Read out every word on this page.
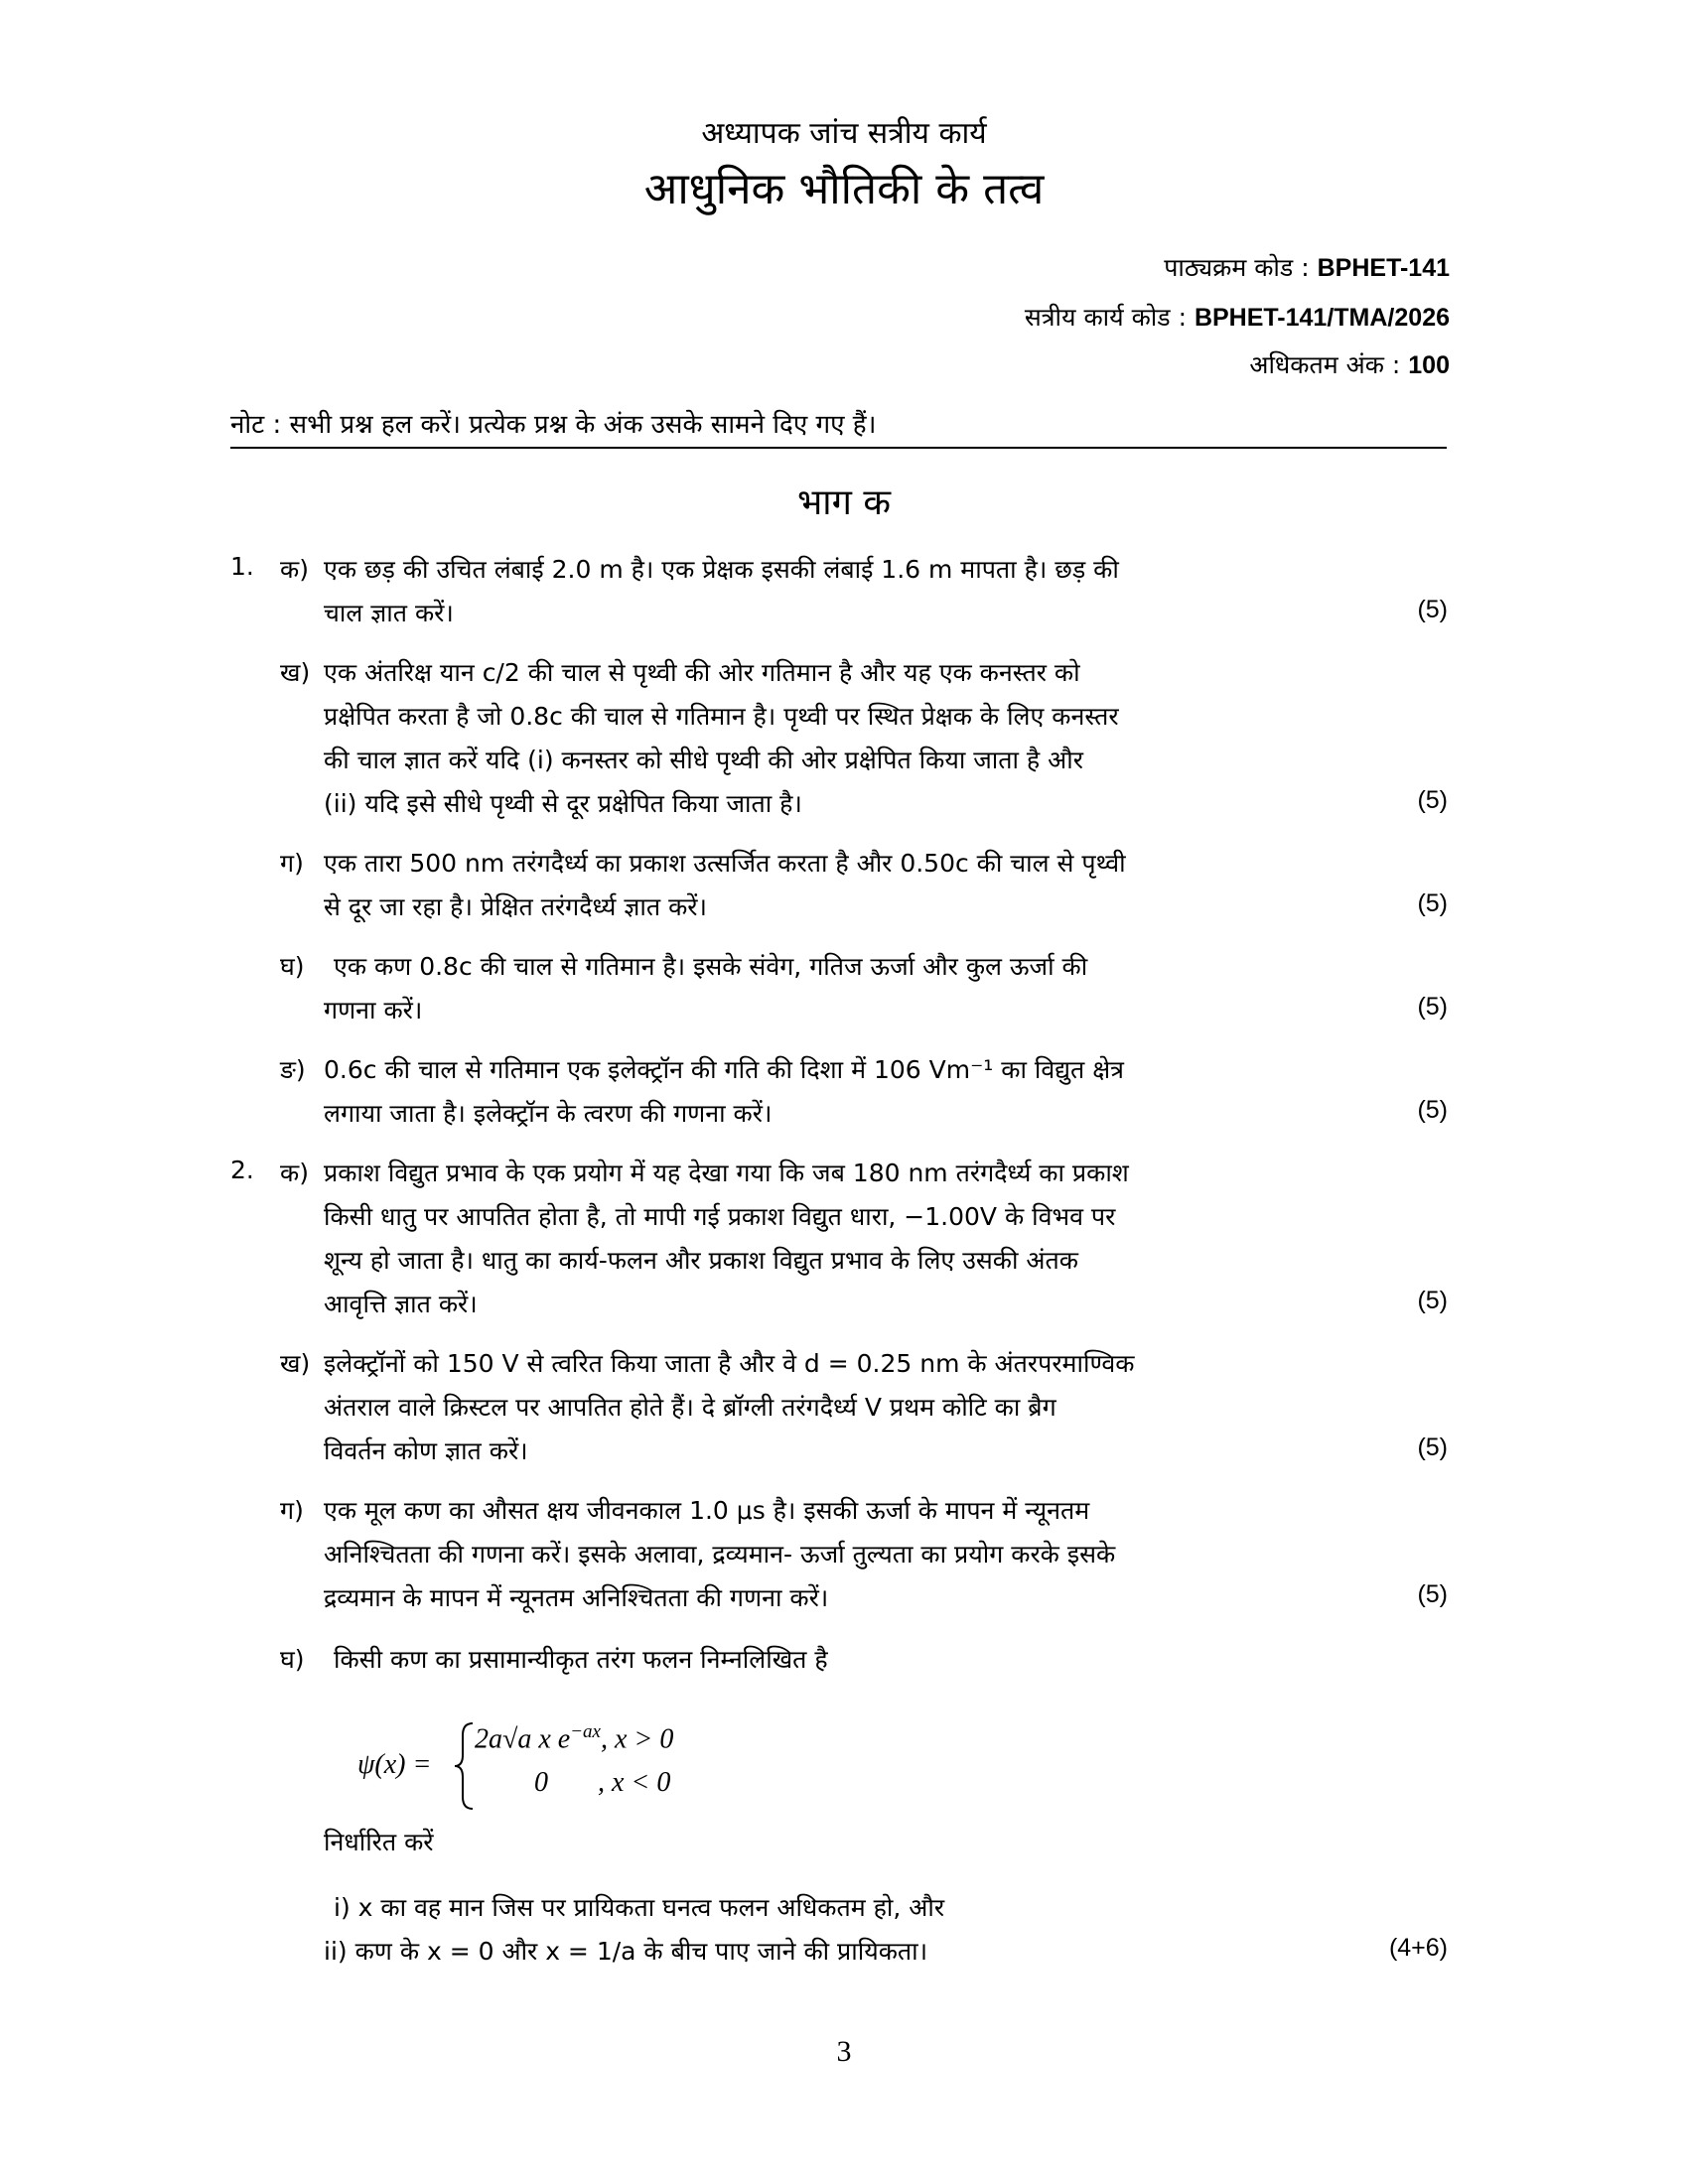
अध्यापक जांच सत्रीय कार्य
आधुनिक भौतिकी के तत्व
पाठ्यक्रम कोड : BPHET-141
सत्रीय कार्य कोड : BPHET-141/TMA/2026
अधिकतम अंक : 100
नोट : सभी प्रश्न हल करें। प्रत्येक प्रश्न के अंक उसके सामने दिए गए हैं।
भाग क
1. क) एक छड़ की उचित लंबाई 2.0 m है। एक प्रेक्षक इसकी लंबाई 1.6 m मापता है। छड़ की
चाल ज्ञात करें।	(5)
ख) एक अंतरिक्ष यान c/2 की चाल से पृथ्वी की ओर गतिमान है और यह एक कनस्तर को
प्रक्षेपित करता है जो 0.8c की चाल से गतिमान है। पृथ्वी पर स्थित प्रेक्षक के लिए कनस्तर
की चाल ज्ञात करें यदि (i) कनस्तर को सीधे पृथ्वी की ओर प्रक्षेपित किया जाता है और
(ii) यदि इसे सीधे पृथ्वी से दूर प्रक्षेपित किया जाता है।	(5)
ग) एक तारा 500 nm तरंगदैर्ध्य का प्रकाश उत्सर्जित करता है और 0.50c की चाल से पृथ्वी
से दूर जा रहा है। प्रेक्षित तरंगदैर्ध्य ज्ञात करें।	(5)
घ) एक कण 0.8c की चाल से गतिमान है। इसके संवेग, गतिज ऊर्जा और कुल ऊर्जा की
गणना करें।	(5)
ङ) 0.6c की चाल से गतिमान एक इलेक्ट्रॉन की गति की दिशा में 106 Vm⁻¹ का विद्युत क्षेत्र
लगाया जाता है। इलेक्ट्रॉन के त्वरण की गणना करें।	(5)
2. क) प्रकाश विद्युत प्रभाव के एक प्रयोग में यह देखा गया कि जब 180 nm तरंगदैर्ध्य का प्रकाश
किसी धातु पर आपतित होता है, तो मापी गई प्रकाश विद्युत धारा, −1.00V के विभव पर
शून्य हो जाता है। धातु का कार्य-फलन और प्रकाश विद्युत प्रभाव के लिए उसकी अंतक
आवृत्ति ज्ञात करें।	(5)
ख) इलेक्ट्रॉनों को 150 V से त्वरित किया जाता है और वे d = 0.25 nm के अंतरपरमाण्विक
अंतराल वाले क्रिस्टल पर आपतित होते हैं। दे ब्रॉग्ली तरंगदैर्ध्य V प्रथम कोटि का ब्रैग
विवर्तन कोण ज्ञात करें।	(5)
ग) एक मूल कण का औसत क्षय जीवनकाल 1.0 μs है। इसकी ऊर्जा के मापन में न्यूनतम
अनिश्चितता की गणना करें। इसके अलावा, द्रव्यमान- ऊर्जा तुल्यता का प्रयोग करके इसके
द्रव्यमान के मापन में न्यूनतम अनिश्चितता की गणना करें।	(5)
घ) किसी कण का प्रसामान्यीकृत तरंग फलन निम्नलिखित है
ψ(x) =
2a√a x $e^{-ax}$, x > 0
0 , x < 0
निर्धारित करें
i) x का वह मान जिस पर प्रायिकता घनत्व फलन अधिकतम हो, और
ii) कण के x = 0 और x = 1/a के बीच पाए जाने की प्रायिकता।	(4+6)
3
